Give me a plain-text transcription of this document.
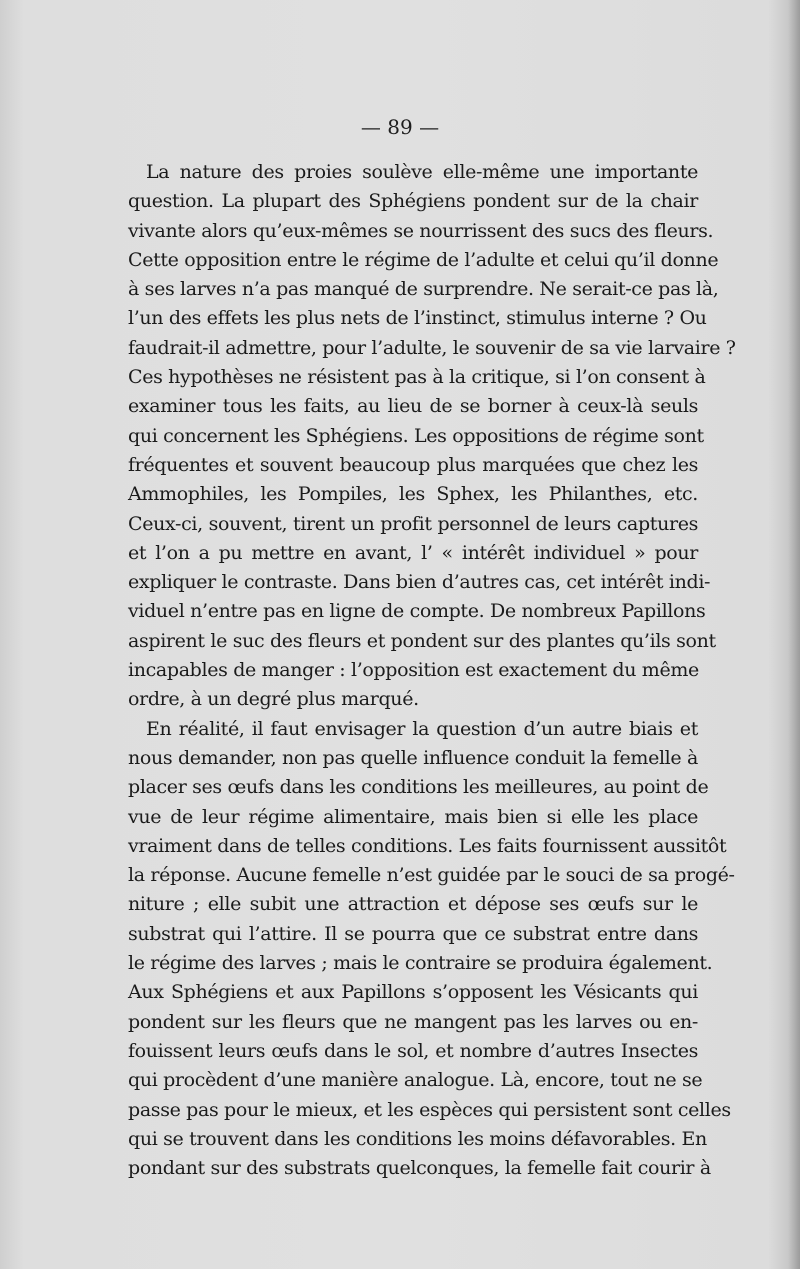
— 89 —
La nature des proies soulève elle-même une importante
question. La plupart des Sphégiens pondent sur de la chair
vivante alors qu’eux-mêmes se nourrissent des sucs des fleurs.
Cette opposition entre le régime de l’adulte et celui qu’il donne
à ses larves n’a pas manqué de surprendre. Ne serait-ce pas là,
l’un des effets les plus nets de l’instinct, stimulus interne ? Ou
faudrait-il admettre, pour l’adulte, le souvenir de sa vie larvaire ?
Ces hypothèses ne résistent pas à la critique, si l’on consent à
examiner tous les faits, au lieu de se borner à ceux-là seuls
qui concernent les Sphégiens. Les oppositions de régime sont
fréquentes et souvent beaucoup plus marquées que chez les
Ammophiles, les Pompiles, les Sphex, les Philanthes, etc.
Ceux-ci, souvent, tirent un profit personnel de leurs captures
et l’on a pu mettre en avant, l’ « intérêt individuel » pour
expliquer le contraste. Dans bien d’autres cas, cet intérêt indi-
viduel n’entre pas en ligne de compte. De nombreux Papillons
aspirent le suc des fleurs et pondent sur des plantes qu’ils sont
incapables de manger : l’opposition est exactement du même
ordre, à un degré plus marqué.
En réalité, il faut envisager la question d’un autre biais et
nous demander, non pas quelle influence conduit la femelle à
placer ses œufs dans les conditions les meilleures, au point de
vue de leur régime alimentaire, mais bien si elle les place
vraiment dans de telles conditions. Les faits fournissent aussitôt
la réponse. Aucune femelle n’est guidée par le souci de sa progé-
niture ; elle subit une attraction et dépose ses œufs sur le
substrat qui l’attire. Il se pourra que ce substrat entre dans
le régime des larves ; mais le contraire se produira également.
Aux Sphégiens et aux Papillons s’opposent les Vésicants qui
pondent sur les fleurs que ne mangent pas les larves ou en-
fouissent leurs œufs dans le sol, et nombre d’autres Insectes
qui procèdent d’une manière analogue. Là, encore, tout ne se
passe pas pour le mieux, et les espèces qui persistent sont celles
qui se trouvent dans les conditions les moins défavorables. En
pondant sur des substrats quelconques, la femelle fait courir à
